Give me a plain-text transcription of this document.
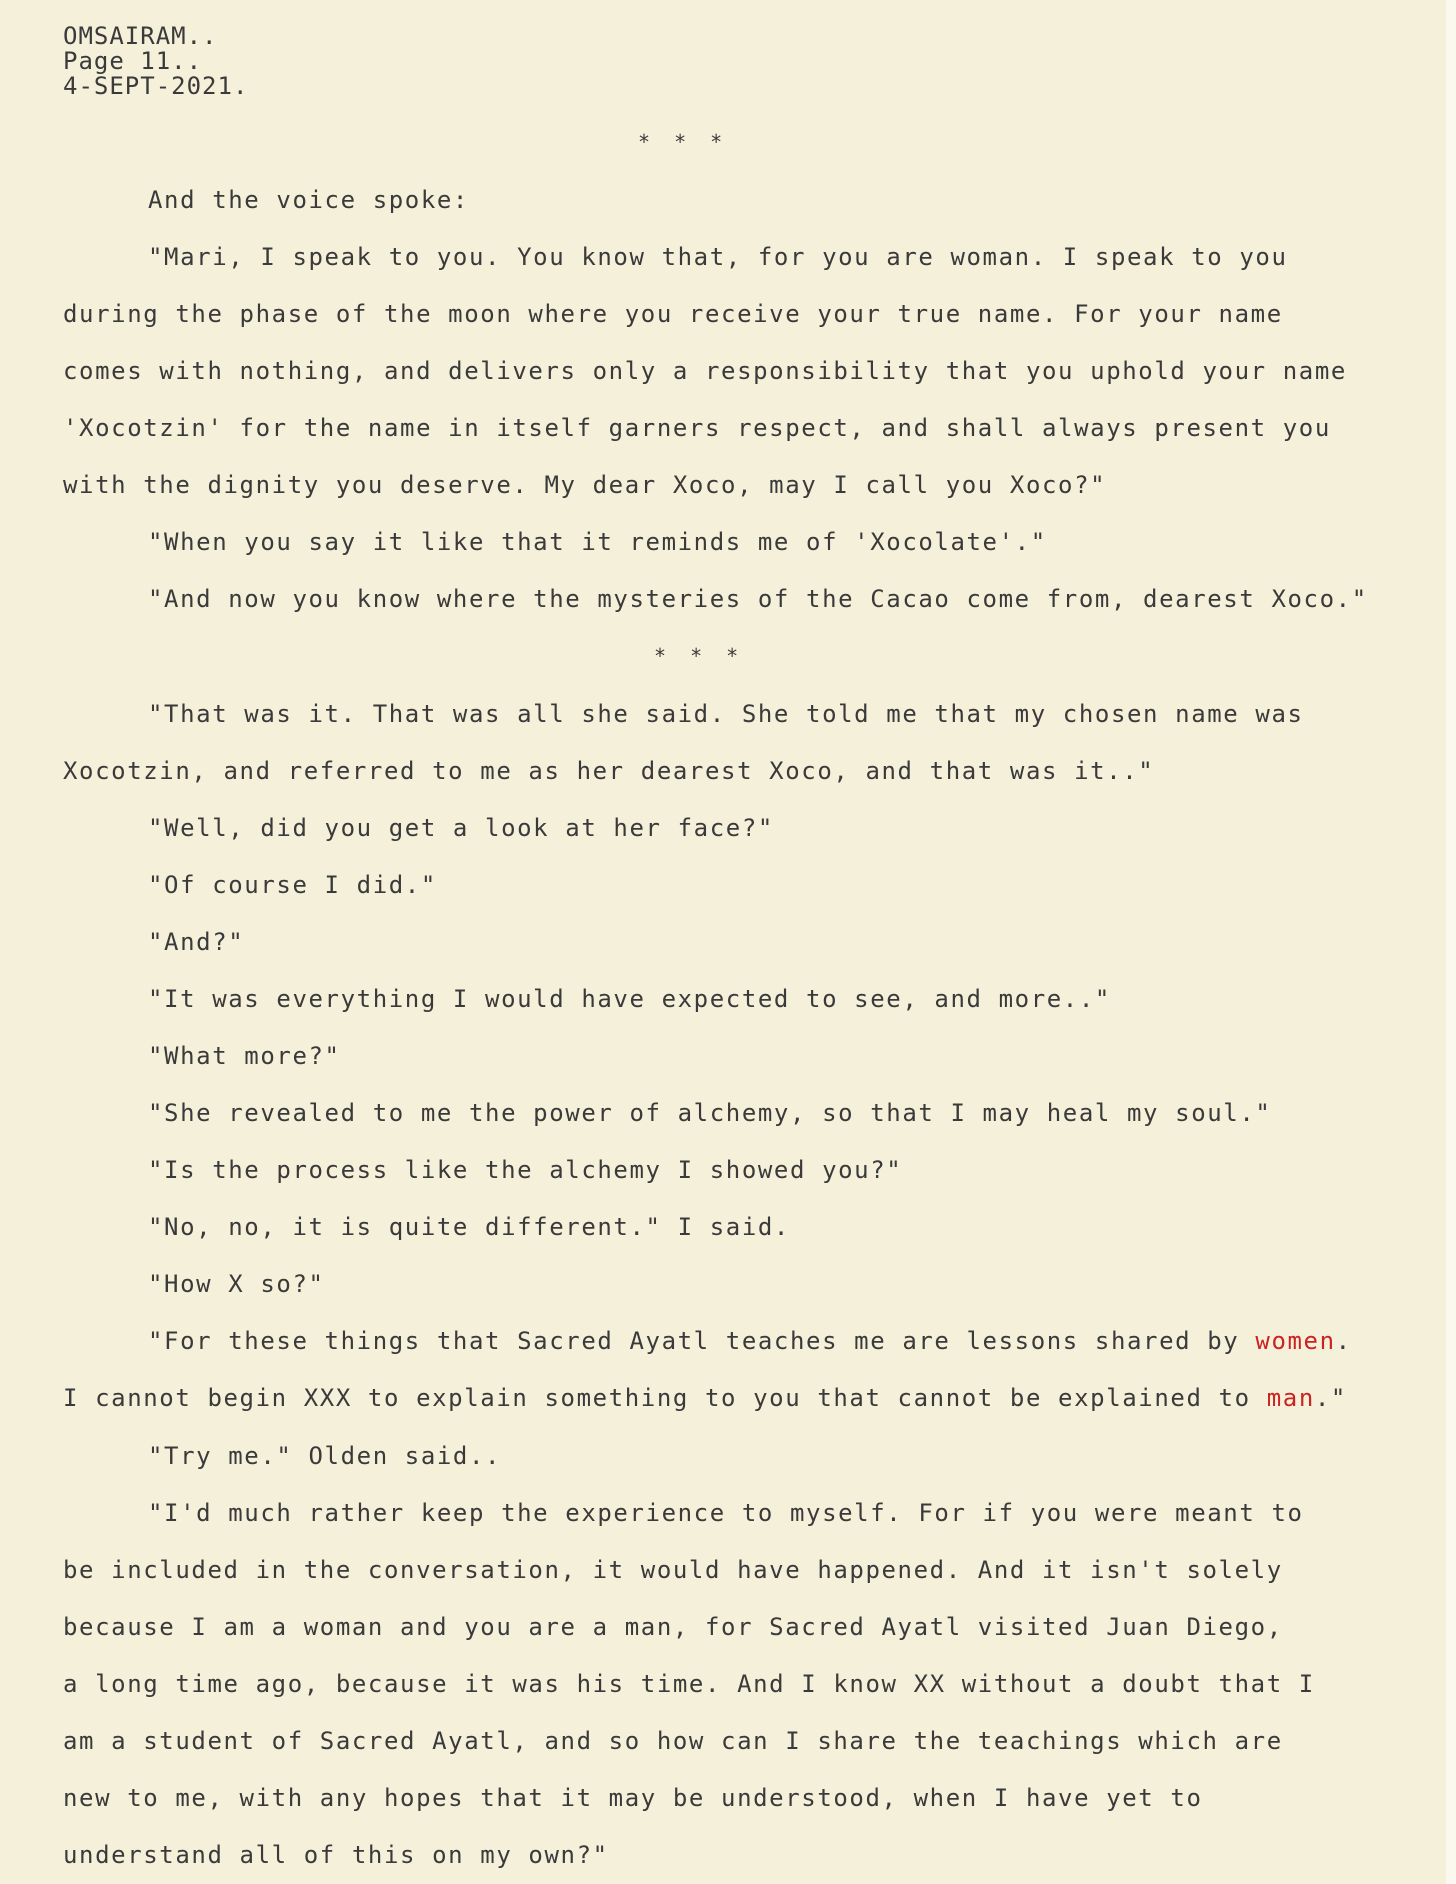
OMSAIRAM..
Page 11..
4-SEPT-2021.
* * *
And the voice spoke:
"Mari, I speak to you. You know that, for you are woman. I speak to you
during the phase of the moon where you receive your true name. For your name
comes with nothing, and delivers only a responsibility that you uphold your name
'Xocotzin' for the name in itself garners respect, and shall always present you
with the dignity you deserve. My dear Xoco, may I call you Xoco?"
"When you say it like that it reminds me of 'Xocolate'."
"And now you know where the mysteries of the Cacao come from, dearest Xoco."
* * *
"That was it. That was all she said. She told me that my chosen name was
Xocotzin, and referred to me as her dearest Xoco, and that was it.."
"Well, did you get a look at her face?"
"Of course I did."
"And?"
"It was everything I would have expected to see, and more.."
"What more?"
"She revealed to me the power of alchemy, so that I may heal my soul."
"Is the process like the alchemy I showed you?"
"No, no, it is quite different." I said.
"How X so?"
"For these things that Sacred Ayatl teaches me are lessons shared by women.
I cannot begin XXX to explain something to you that cannot be explained to man."
"Try me." Olden said..
"I'd much rather keep the experience to myself. For if you were meant to
be included in the conversation, it would have happened. And it isn't solely
because I am a woman and you are a man, for Sacred Ayatl visited Juan Diego,
a long time ago, because it was his time. And I know XX without a doubt that I
am a student of Sacred Ayatl, and so how can I share the teachings which are
new to me, with any hopes that it may be understood, when I have yet to
understand all of this on my own?"
